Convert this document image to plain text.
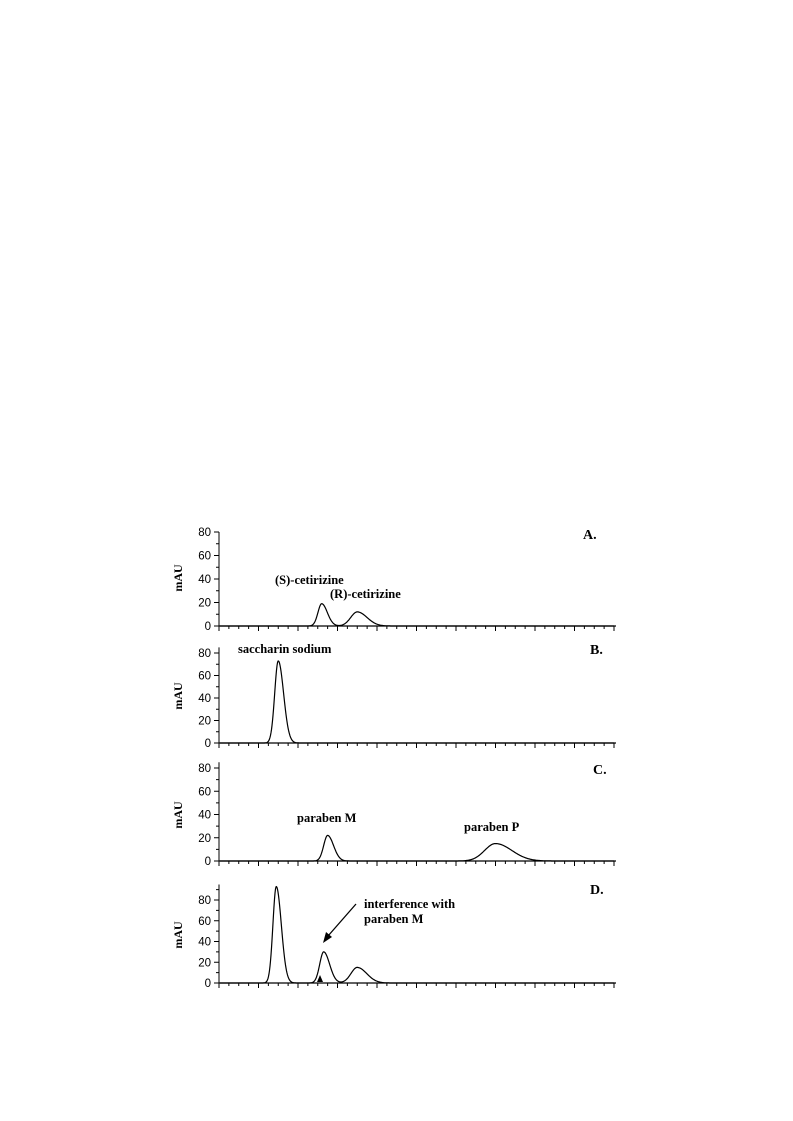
mAU
A.
(S)-cetirizine
(R)-cetirizine
0
20
40
60
80
mAU
B.
saccharin sodium
0
20
40
60
80
mAU
C.
paraben M
paraben P
0
20
40
60
80
mAU
D.
interference with
paraben M
0
20
40
60
80
